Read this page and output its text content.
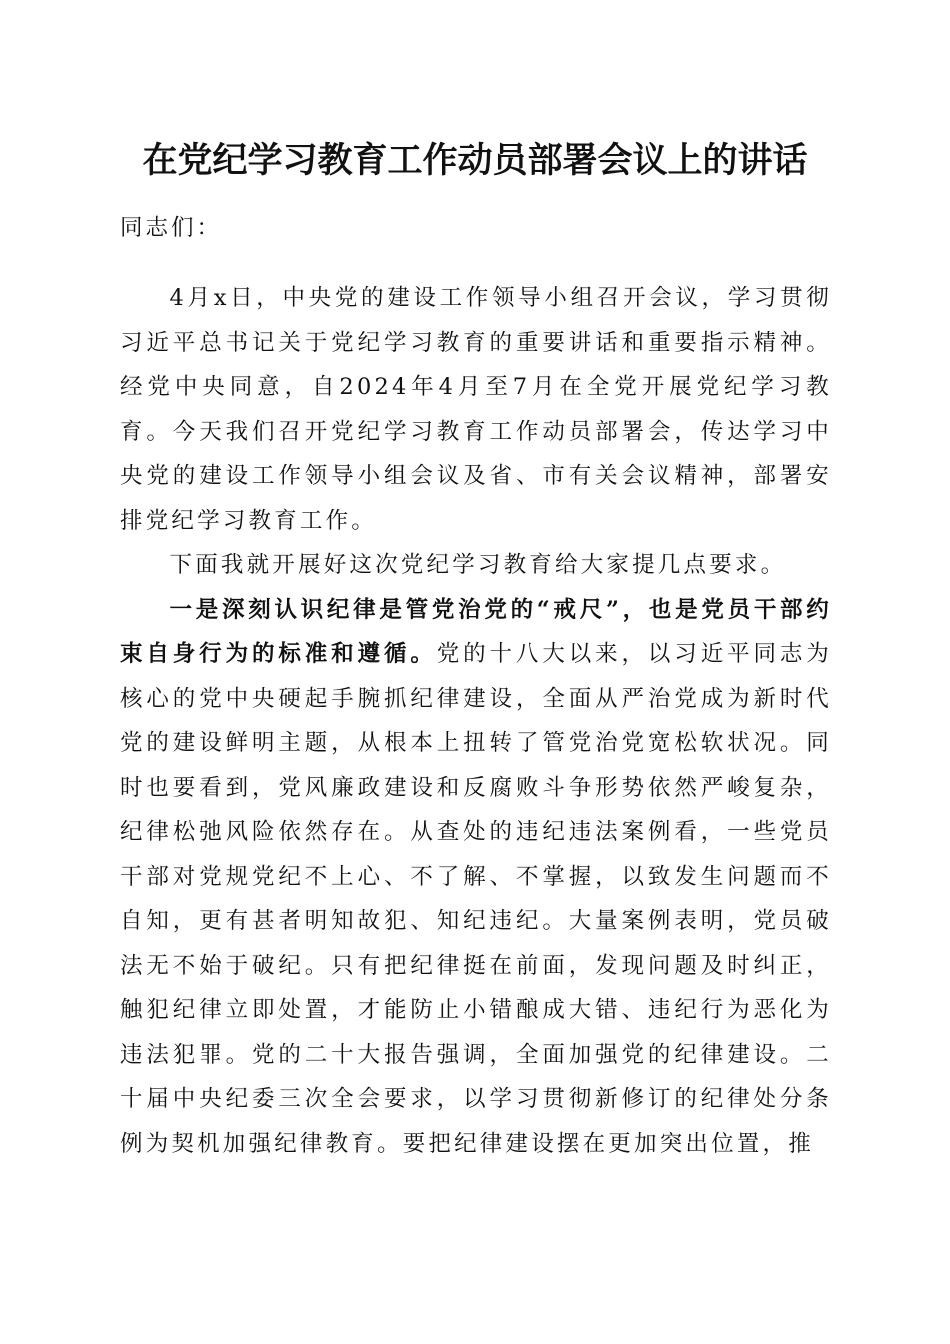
在党纪学习教育工作动员部署会议上的讲话

同志们：

4月x日，中央党的建设工作领导小组召开会议，学习贯彻习近平总书记关于党纪学习教育的重要讲话和重要指示精神。经党中央同意，自2024年4月至7月在全党开展党纪学习教育。今天我们召开党纪学习教育工作动员部署会，传达学习中央党的建设工作领导小组会议及省、市有关会议精神，部署安排党纪学习教育工作。

下面我就开展好这次党纪学习教育给大家提几点要求。

一是深刻认识纪律是管党治党的“戒尺”，也是党员干部约束自身行为的标准和遵循。党的十八大以来，以习近平同志为核心的党中央硬起手腕抓纪律建设，全面从严治党成为新时代党的建设鲜明主题，从根本上扭转了管党治党宽松软状况。同时也要看到，党风廉政建设和反腐败斗争形势依然严峻复杂，纪律松弛风险依然存在。从查处的违纪违法案例看，一些党员干部对党规党纪不上心、不了解、不掌握，以致发生问题而不自知，更有甚者明知故犯、知纪违纪。大量案例表明，党员破法无不始于破纪。只有把纪律挺在前面，发现问题及时纠正，触犯纪律立即处置，才能防止小错酿成大错、违纪行为恶化为违法犯罪。党的二十大报告强调，全面加强党的纪律建设。二十届中央纪委三次全会要求，以学习贯彻新修订的纪律处分条例为契机加强纪律教育。要把纪律建设摆在更加突出位置，推
